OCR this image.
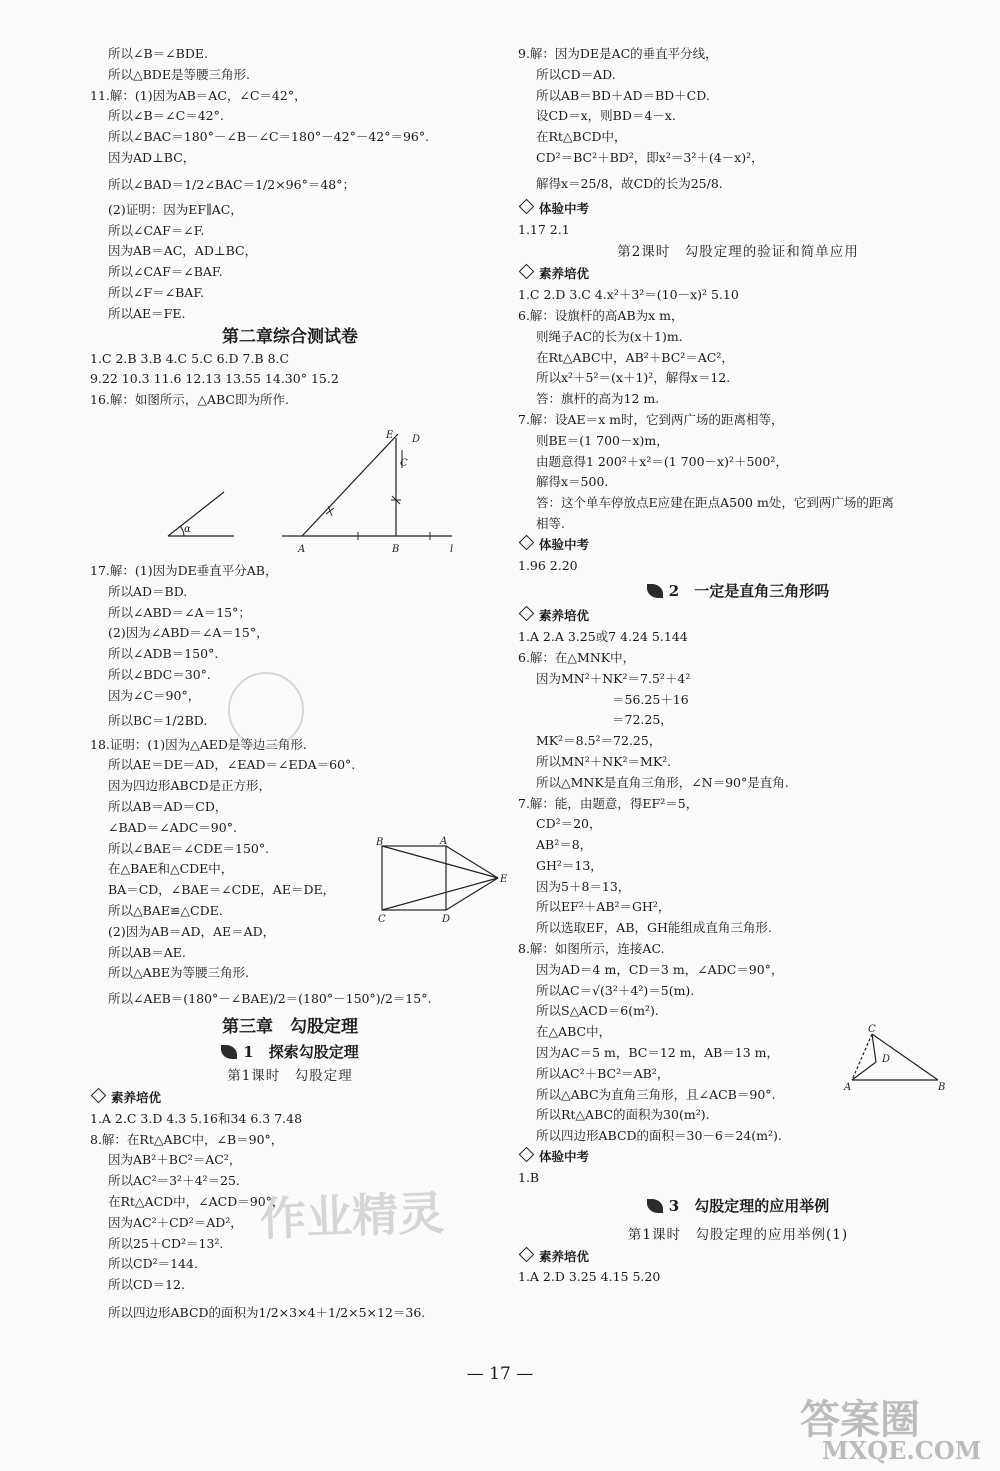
所以∠B＝∠BDE.
所以△BDE是等腰三角形.
11.解：(1)因为AB＝AC，∠C＝42°，
所以∠B＝∠C＝42°.
所以∠BAC＝180°－∠B－∠C＝180°－42°－42°＝96°.
因为AD⊥BC，
所以∠BAD＝1/2∠BAC＝1/2×96°＝48°；
(2)证明：因为EF∥AC，
所以∠CAF＝∠F.
因为AB＝AC，AD⊥BC，
所以∠CAF＝∠BAF.
所以∠F＝∠BAF.
所以AE＝FE.
第二章综合测试卷
1.C 2.B 3.B 4.C 5.C 6.D 7.B 8.C
9.22 10.3 11.6 12.13 13.55 14.30° 15.2
16.解：如图所示，△ABC即为所作.
17.解：(1)因为DE垂直平分AB，
所以AD＝BD.
所以∠ABD＝∠A＝15°；
(2)因为∠ABD＝∠A＝15°，
所以∠ADB＝150°.
所以∠BDC＝30°.
因为∠C＝90°，
所以BC＝1/2BD.
18.证明：(1)因为△AED是等边三角形.
所以AE＝DE＝AD，∠EAD＝∠EDA＝60°.
因为四边形ABCD是正方形，
所以AB＝AD＝CD，
∠BAD＝∠ADC＝90°.
所以∠BAE＝∠CDE＝150°.
在△BAE和△CDE中，
BA＝CD，∠BAE＝∠CDE，AE＝DE，
所以△BAE≌△CDE.
(2)因为AB＝AD，AE＝AD，
所以AB＝AE.
所以△ABE为等腰三角形.
所以∠AEB＝(180°－∠BAE)/2＝(180°－150°)/2＝15°.
第三章　勾股定理
1　探索勾股定理
第1课时　勾股定理
素养培优
1.A 2.C 3.D 4.3 5.16和34 6.3 7.48
8.解：在Rt△ABC中，∠B＝90°，
因为AB²＋BC²＝AC²，
所以AC²＝3²＋4²＝25.
在Rt△ACD中，∠ACD＝90°，
因为AC²＋CD²＝AD²，
所以25＋CD²＝13².
所以CD²＝144.
所以CD＝12.
所以四边形ABCD的面积为1/2×3×4＋1/2×5×12＝36.
9.解：因为DE是AC的垂直平分线，
所以CD＝AD.
所以AB＝BD＋AD＝BD＋CD.
设CD＝x，则BD＝4－x.
在Rt△BCD中，
CD²＝BC²＋BD²，即x²＝3²＋(4－x)²，
解得x＝25/8，故CD的长为25/8.
体验中考
1.17 2.1
第2课时　勾股定理的验证和简单应用
素养培优
1.C 2.D 3.C 4.x²＋3²＝(10－x)² 5.10
6.解：设旗杆的高AB为x m，
则绳子AC的长为(x＋1)m.
在Rt△ABC中，AB²＋BC²＝AC²，
所以x²＋5²＝(x＋1)²，解得x＝12.
答：旗杆的高为12 m.
7.解：设AE＝x m时，它到两广场的距离相等，
则BE＝(1 700－x)m，
由题意得1 200²＋x²＝(1 700－x)²＋500²，
解得x＝500.
答：这个单车停放点E应建在距点A500 m处，它到两广场的距离
相等.
体验中考
1.96 2.20
2　一定是直角三角形吗
素养培优
1.A 2.A 3.25或7 4.24 5.144
6.解：在△MNK中，
因为MN²＋NK²＝7.5²＋4²
＝56.25＋16
＝72.25，
MK²＝8.5²＝72.25，
所以MN²＋NK²＝MK².
所以△MNK是直角三角形，∠N＝90°是直角.
7.解：能，由题意，得EF²＝5，
CD²＝20，
AB²＝8，
GH²＝13，
因为5＋8＝13，
所以EF²＋AB²＝GH²，
所以选取EF，AB，GH能组成直角三角形.
8.解：如图所示，连接AC.
因为AD＝4 m，CD＝3 m，∠ADC＝90°，
所以AC＝√(3²＋4²)＝5(m).
所以S△ACD＝6(m²).
在△ABC中，
因为AC＝5 m，BC＝12 m，AB＝13 m，
所以AC²＋BC²＝AB²，
所以△ABC为直角三角形，且∠ACB＝90°.
所以Rt△ABC的面积为30(m²).
所以四边形ABCD的面积＝30－6＝24(m²).
体验中考
1.B
3　勾股定理的应用举例
第1课时　勾股定理的应用举例(1)
素养培优
1.A 2.D 3.25 4.15 5.20
E D
C
A	B	l
α
B	A
C	D
E
C
D
A	B
作业精灵
答案圈
MXQE.COM
— 17 —
